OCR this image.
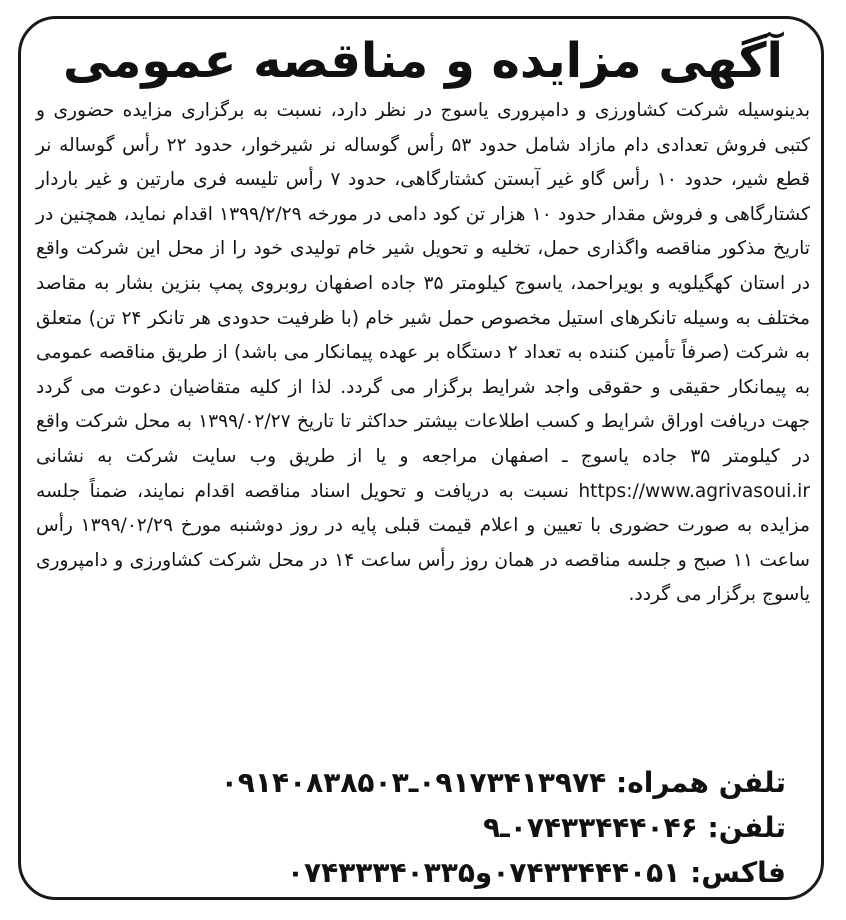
آگهی مزایده و مناقصه عمومی

بدینوسیله شرکت کشاورزی و دامپروری یاسوج در نظر دارد، نسبت به برگزاری مزایده حضوری و کتبی فروش تعدادی دام مازاد شامل حدود ۵۳ رأس گوساله نر شیرخوار، حدود ۲۲ رأس گوساله نر قطع شیر، حدود ۱۰ رأس گاو غیر آبستن کشتارگاهی، حدود ۷ رأس تلیسه فری مارتین و غیر باردار کشتارگاهی و فروش مقدار حدود ۱۰ هزار تن کود دامی در مورخه ۱۳۹۹/۲/۲۹ اقدام نماید، همچنین در تاریخ مذکور مناقصه واگذاری حمل، تخلیه و تحویل شیر خام تولیدی خود را از محل این شرکت واقع در استان کهگیلویه و بویراحمد، یاسوج کیلومتر ۳۵ جاده اصفهان روبروی پمپ بنزین بشار به مقاصد مختلف به وسیله تانکرهای استیل مخصوص حمل شیر خام (با ظرفیت حدودی هر تانکر ۲۴ تن) متعلق به شرکت (صرفاً تأمین کننده به تعداد ۲ دستگاه بر عهده پیمانکار می باشد) از طریق مناقصه عمومی به پیمانکار حقیقی و حقوقی واجد شرایط برگزار می گردد. لذا از کلیه متقاضیان دعوت می گردد جهت دریافت اوراق شرایط و کسب اطلاعات بیشتر حداکثر تا تاریخ ۱۳۹۹/۰۲/۲۷ به محل شرکت واقع در کیلومتر ۳۵ جاده یاسوج ـ اصفهان مراجعه و یا از طریق وب سایت شرکت به نشانی https://www.agrivasoui.ir نسبت به دریافت و تحویل اسناد مناقصه اقدام نمایند، ضمناً جلسه مزایده به صورت حضوری با تعیین و اعلام قیمت قبلی پایه در روز دوشنبه مورخ ۱۳۹۹/۰۲/۲۹ رأس ساعت ۱۱ صبح و جلسه مناقصه در همان روز رأس ساعت ۱۴ در محل شرکت کشاورزی و دامپروری یاسوج برگزار می گردد.

تلفن همراه: ۰۹۱۷۳۴۱۳۹۷۴ـ۰۹۱۴۰۸۳۸۵۰۳
تلفن: ۰۷۴۳۳۴۴۴۰۴۶ـ۹
فاکس: ۰۷۴۳۳۴۴۴۰۵۱و۰۷۴۳۳۳۴۰۳۳۵
